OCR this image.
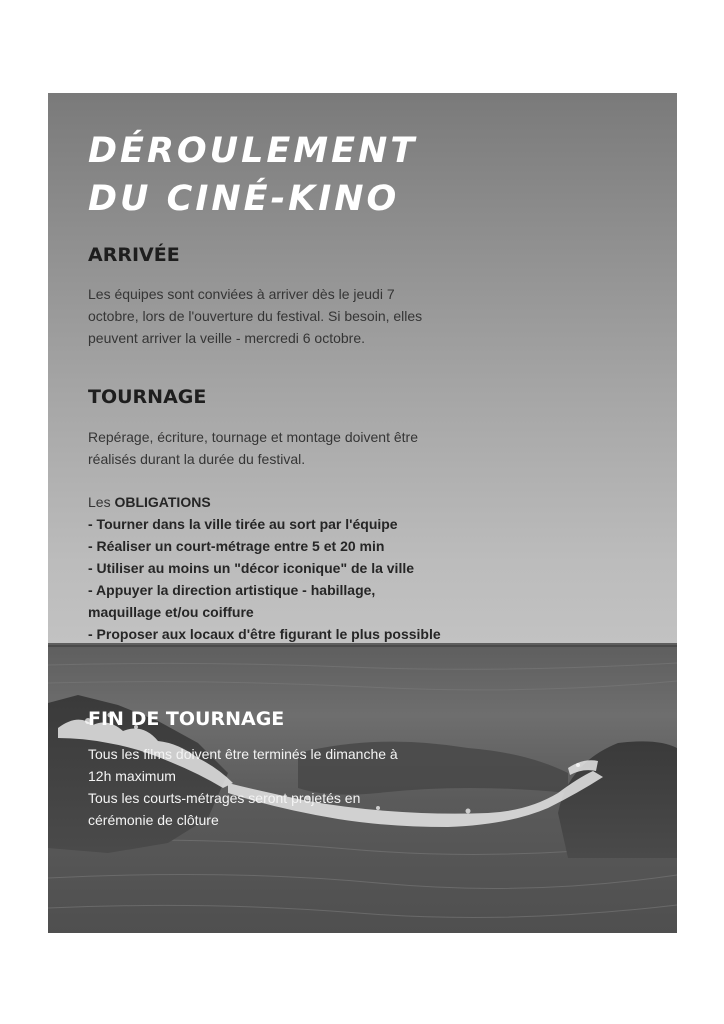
DÉROULEMENT
DU CINÉ-KINO
ARRIVÉE

Les équipes sont conviées à arriver dès le jeudi 7
octobre, lors de l'ouverture du festival. Si besoin, elles
peuvent arriver la veille - mercredi 6 octobre.

TOURNAGE

Repérage, écriture, tournage et montage doivent être
réalisés durant la durée du festival.

Les OBLIGATIONS
- Tourner dans la ville tirée au sort par l'équipe
- Réaliser un court-métrage entre 5 et 20 min
- Utiliser au moins un "décor iconique" de la ville
- Appuyer la direction artistique - habillage,
maquillage et/ou coiffure
- Proposer aux locaux d'être figurant le plus possible

FIN DE TOURNAGE

Tous les films doivent être terminés le dimanche à
12h maximum
Tous les courts-métrages seront projetés en
cérémonie de clôture
